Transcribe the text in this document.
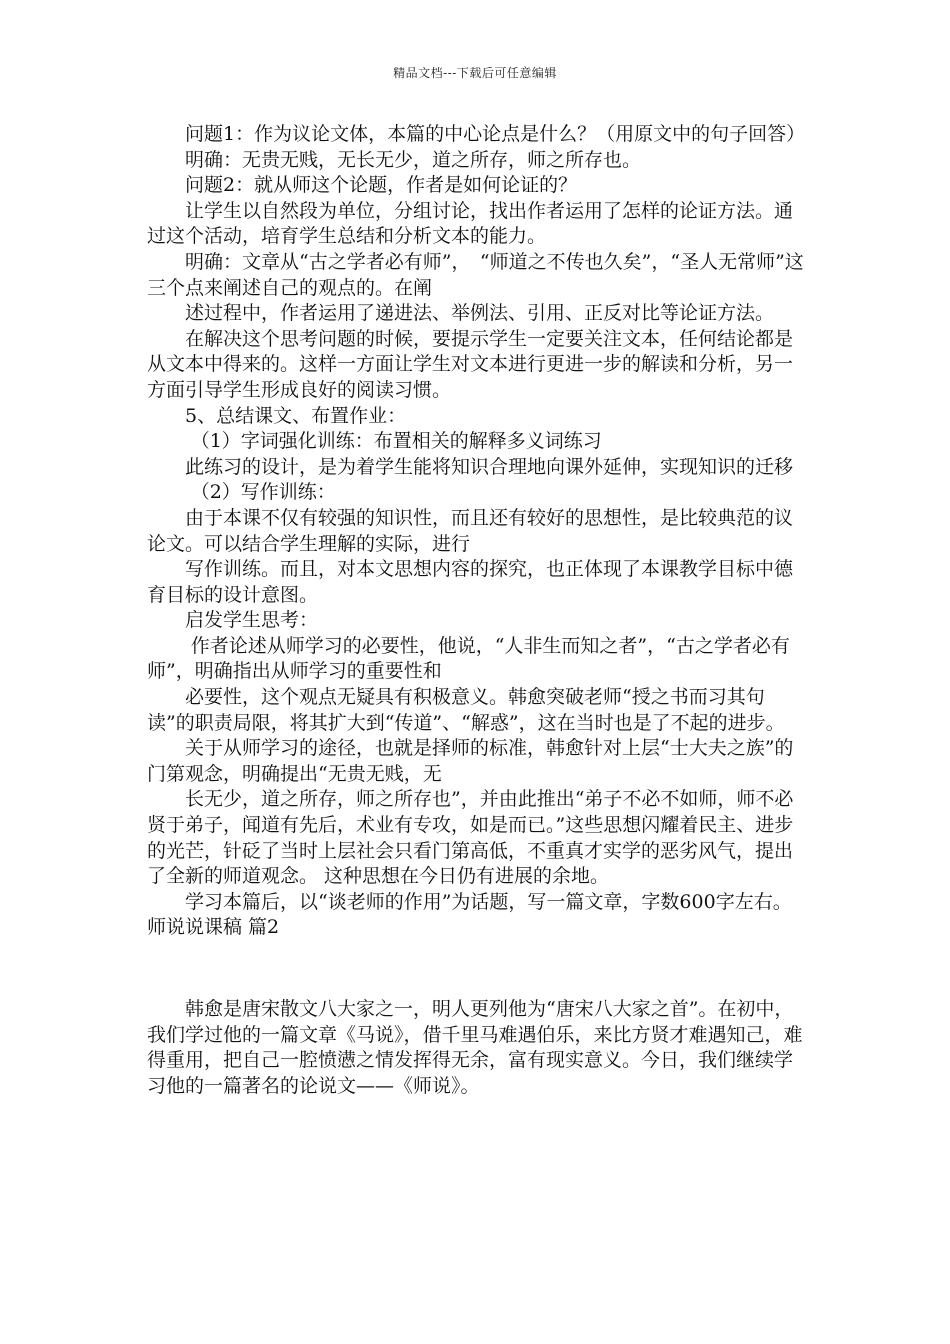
精品文档---下载后可任意编辑

问题1：作为议论文体，本篇的中心论点是什么？（用原文中的句子回答）

明确：无贵无贱，无长无少，道之所存，师之所存也。

问题2：就从师这个论题，作者是如何论证的？

让学生以自然段为单位，分组讨论，找出作者运用了怎样的论证方法。通过这个活动，培育学生总结和分析文本的能力。

明确：文章从“古之学者必有师”，　“师道之不传也久矣”，“圣人无常师”这三个点来阐述自己的观点的。在阐

述过程中，作者运用了递进法、举例法、引用、正反对比等论证方法。

在解决这个思考问题的时候，要提示学生一定要关注文本，任何结论都是从文本中得来的。这样一方面让学生对文本进行更进一步的解读和分析，另一方面引导学生形成良好的阅读习惯。

5、总结课文、布置作业：

（1）字词强化训练：布置相关的解释多义词练习

此练习的设计，是为着学生能将知识合理地向课外延伸，实现知识的迁移

（2）写作训练：

由于本课不仅有较强的知识性，而且还有较好的思想性，是比较典范的议论文。可以结合学生理解的实际，进行

写作训练。而且，对本文思想内容的探究，也正体现了本课教学目标中德育目标的设计意图。

启发学生思考：

作者论述从师学习的必要性，他说，“人非生而知之者”，“古之学者必有师”，明确指出从师学习的重要性和

必要性，这个观点无疑具有积极意义。韩愈突破老师“授之书而习其句读”的职责局限，将其扩大到“传道”、“解惑”，这在当时也是了不起的进步。

关于从师学习的途径，也就是择师的标准，韩愈针对上层“士大夫之族”的门第观念，明确提出“无贵无贱，无

长无少，道之所存，师之所存也”，并由此推出“弟子不必不如师，师不必贤于弟子，闻道有先后，术业有专攻，如是而已。”这些思想闪耀着民主、进步的光芒，针砭了当时上层社会只看门第高低，不重真才实学的恶劣风气，提出了全新的师道观念。 这种思想在今日仍有进展的余地。

学习本篇后，以“谈老师的作用”为话题，写一篇文章，字数600字左右。师说说课稿 篇2

韩愈是唐宋散文八大家之一，明人更列他为“唐宋八大家之首”。在初中，我们学过他的一篇文章《马说》，借千里马难遇伯乐，来比方贤才难遇知己，难得重用，把自己一腔愤懑之情发挥得无余，富有现实意义。今日，我们继续学习他的一篇著名的论说文——《师说》。
